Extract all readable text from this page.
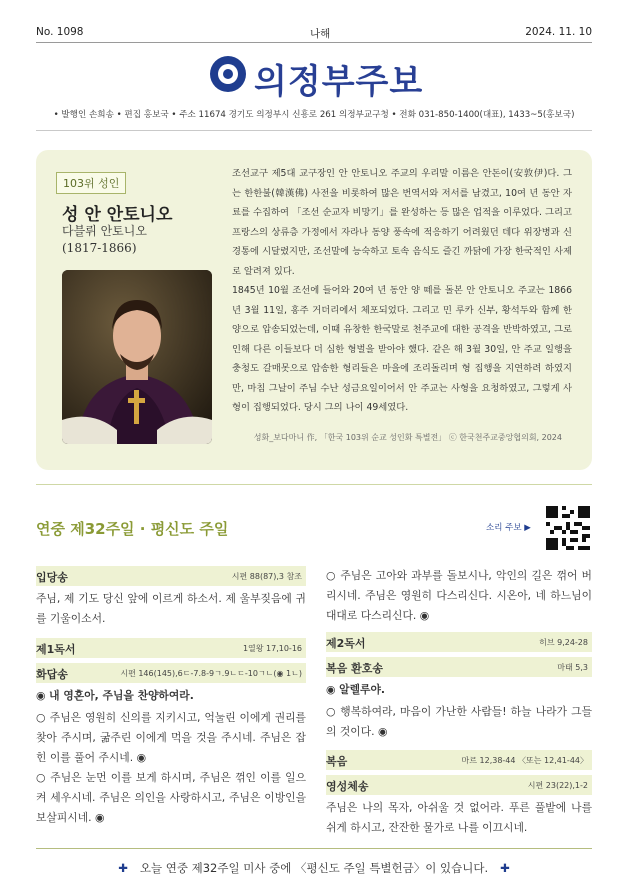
No. 1098	나해	2024. 11. 10
의정부주보
• 발행인 손희송 • 편집 홍보국 • 주소 11674 경기도 의정부시 신흥로 261 의정부교구청 • 전화 031-850-1400(대표), 1433~5(홍보국)
103위 성인
성 안 안토니오
다블뤼 안토니오
(1817-1866)

조선교구 제5대 교구장인 안 안토니오 주교의 우리말 이름은 안돈이(安敦伊)다. 그는 한한불(韓漢佛) 사전을 비롯하여 많은 번역서와 저서를 남겼고, 10여 년 동안 자료를 수집하여 「조선 순교자 비망기」를 완성하는 등 많은 업적을 이루었다. 그리고 프랑스의 상류층 가정에서 자라나 동양 풍속에 적응하기 어려웠던 데다 위장병과 신경통에 시달렸지만, 조선말에 능숙하고 토속 음식도 즐긴 까닭에 가장 한국적인 사제로 알려져 있다.

1845년 10월 조선에 들어와 20여 년 동안 양 떼를 돌본 안 안토니오 주교는 1866년 3월 11일, 홍주 거더리에서 체포되었다. 그리고 민 루카 신부, 황석두와 함께 한양으로 압송되었는데, 이때 유창한 한국말로 천주교에 대한 공격을 반박하였고, 그로 인해 다른 이들보다 더 심한 형벌을 받아야 했다. 같은 해 3월 30일, 안 주교 일행을 충청도 갈매못으로 압송한 형리들은 마을에 조리돌리며 형 집행을 지연하려 하였지만, 마침 그날이 주님 수난 성금요일이어서 안 주교는 사형을 요청하였고, 그렇게 사형이 집행되었다. 당시 그의 나이 49세였다.

성화_보다마니 作, 「한국 103위 순교 성인화 특별전」 ⓒ 한국천주교중앙협의회, 2024
연중 제32주일 · 평신도 주일	소리 주보 ▶
입당송	시편 88(87),3 참조

주님, 제 기도 당신 앞에 이르게 하소서. 제 울부짖음에 귀를 기울이소서.

제1독서	1열왕 17,10-16
화답송	시편 146(145),6ㄷ-7.8-9ㄱ.9ㄴㄷ-10ㄱㄴ(◉ 1ㄴ)
◉ 내 영혼아, 주님을 찬양하여라.

○ 주님은 영원히 신의를 지키시고, 억눌린 이에게 권리를 찾아 주시며, 굶주린 이에게 먹을 것을 주시네. 주님은 잡힌 이를 풀어 주시네. ◉

○ 주님은 눈먼 이를 보게 하시며, 주님은 꺾인 이를 일으켜 세우시네. 주님은 의인을 사랑하시고, 주님은 이방인을 보살피시네. ◉

○ 주님은 고아와 과부를 돌보시나, 악인의 길은 꺾어 버리시네. 주님은 영원히 다스리신다. 시온아, 네 하느님이 대대로 다스리신다. ◉

제2독서	히브 9,24-28
복음 환호송	마태 5,3
◉ 알렐루야.

○ 행복하여라, 마음이 가난한 사람들! 하늘 나라가 그들의 것이다. ◉

복음	마르 12,38-44 〈또는 12,41-44〉
영성체송	시편 23(22),1-2

주님은 나의 목자, 아쉬울 것 없어라. 푸른 풀밭에 나를 쉬게 하시고, 잔잔한 물가로 나를 이끄시네.

✚ 오늘 연중 제32주일 미사 중에 〈평신도 주일 특별헌금〉이 있습니다. ✚
